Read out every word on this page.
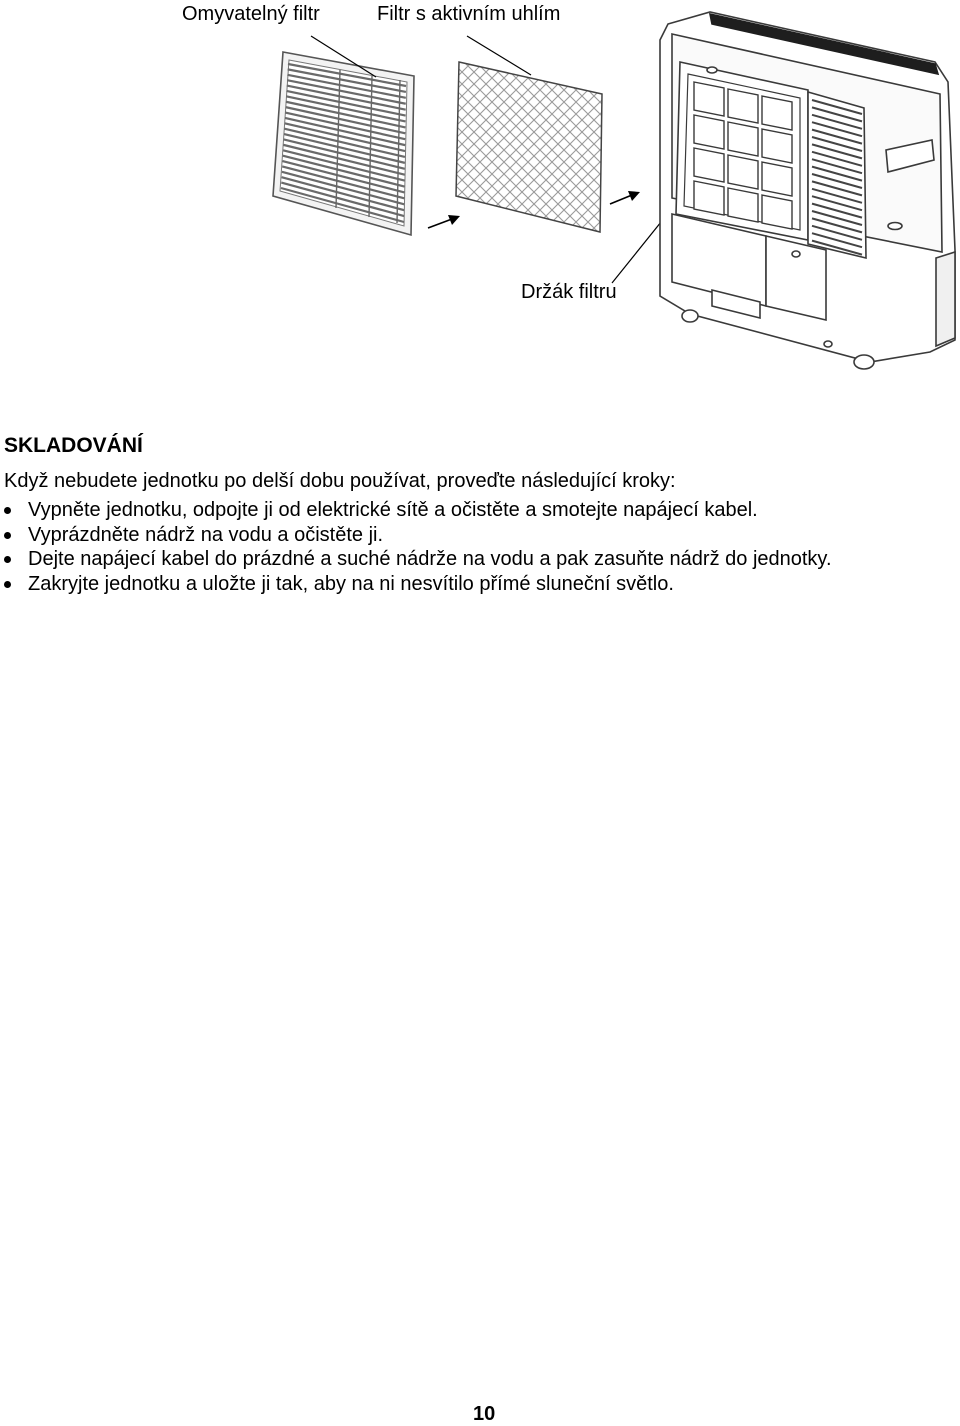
Omyvatelný filtr	Filtr s aktivním uhlím
Držák filtru
SKLADOVÁNÍ
Když nebudete jednotku po delší dobu používat, proveďte následující kroky:
Vypněte jednotku, odpojte ji od elektrické sítě a očistěte a smotejte napájecí kabel.
Vyprázdněte nádrž na vodu a očistěte ji.
Dejte napájecí kabel do prázdné a suché nádrže na vodu a pak zasuňte nádrž do jednotky.
Zakryjte jednotku a uložte ji tak, aby na ni nesvítilo přímé sluneční světlo.
10
